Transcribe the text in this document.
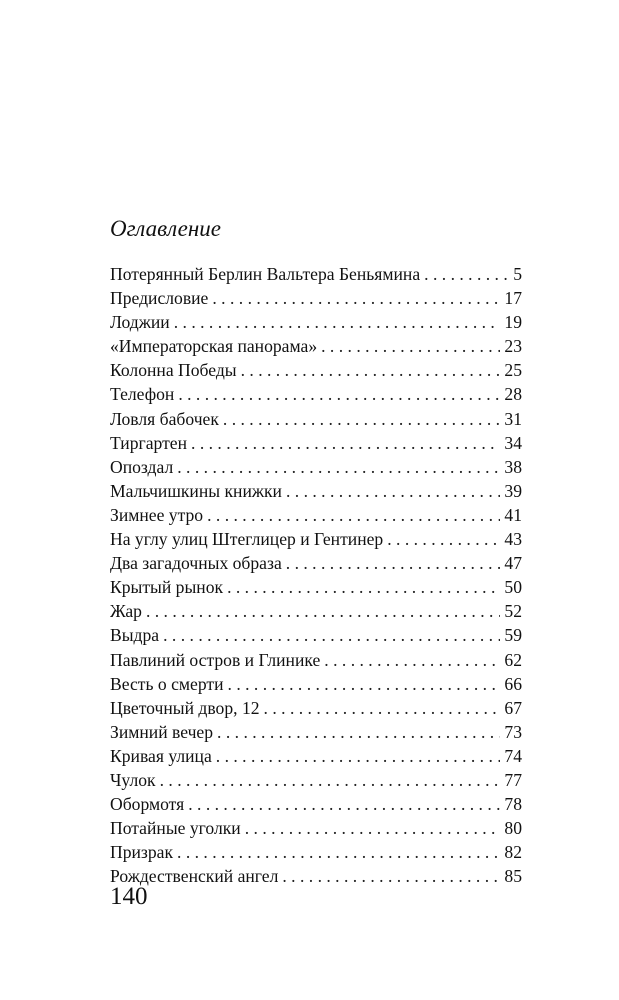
Оглавление
Потерянный Берлин Вальтера Беньямина . . .	5
Предисловие . . .	17
Лоджии . . .	19
«Императорская панорама» . . .	23
Колонна Победы . . .	25
Телефон . . .	28
Ловля бабочек . . .	31
Тиргартен . . .	34
Опоздал . . .	38
Мальчишкины книжки . . .	39
Зимнее утро . . .	41
На углу улиц Штеглицер и Гентинер . . .	43
Два загадочных образа . . .	47
Крытый рынок . . .	50
Жар . . .	52
Выдра . . .	59
Павлиний остров и Глинике . . .	62
Весть о смерти . . .	66
Цветочный двор, 12 . . .	67
Зимний вечер . . .	73
Кривая улица . . .	74
Чулок . . .	77
Обормотя . . .	78
Потайные уголки . . .	80
Призрак . . .	82
Рождественский ангел . . .	85
140
